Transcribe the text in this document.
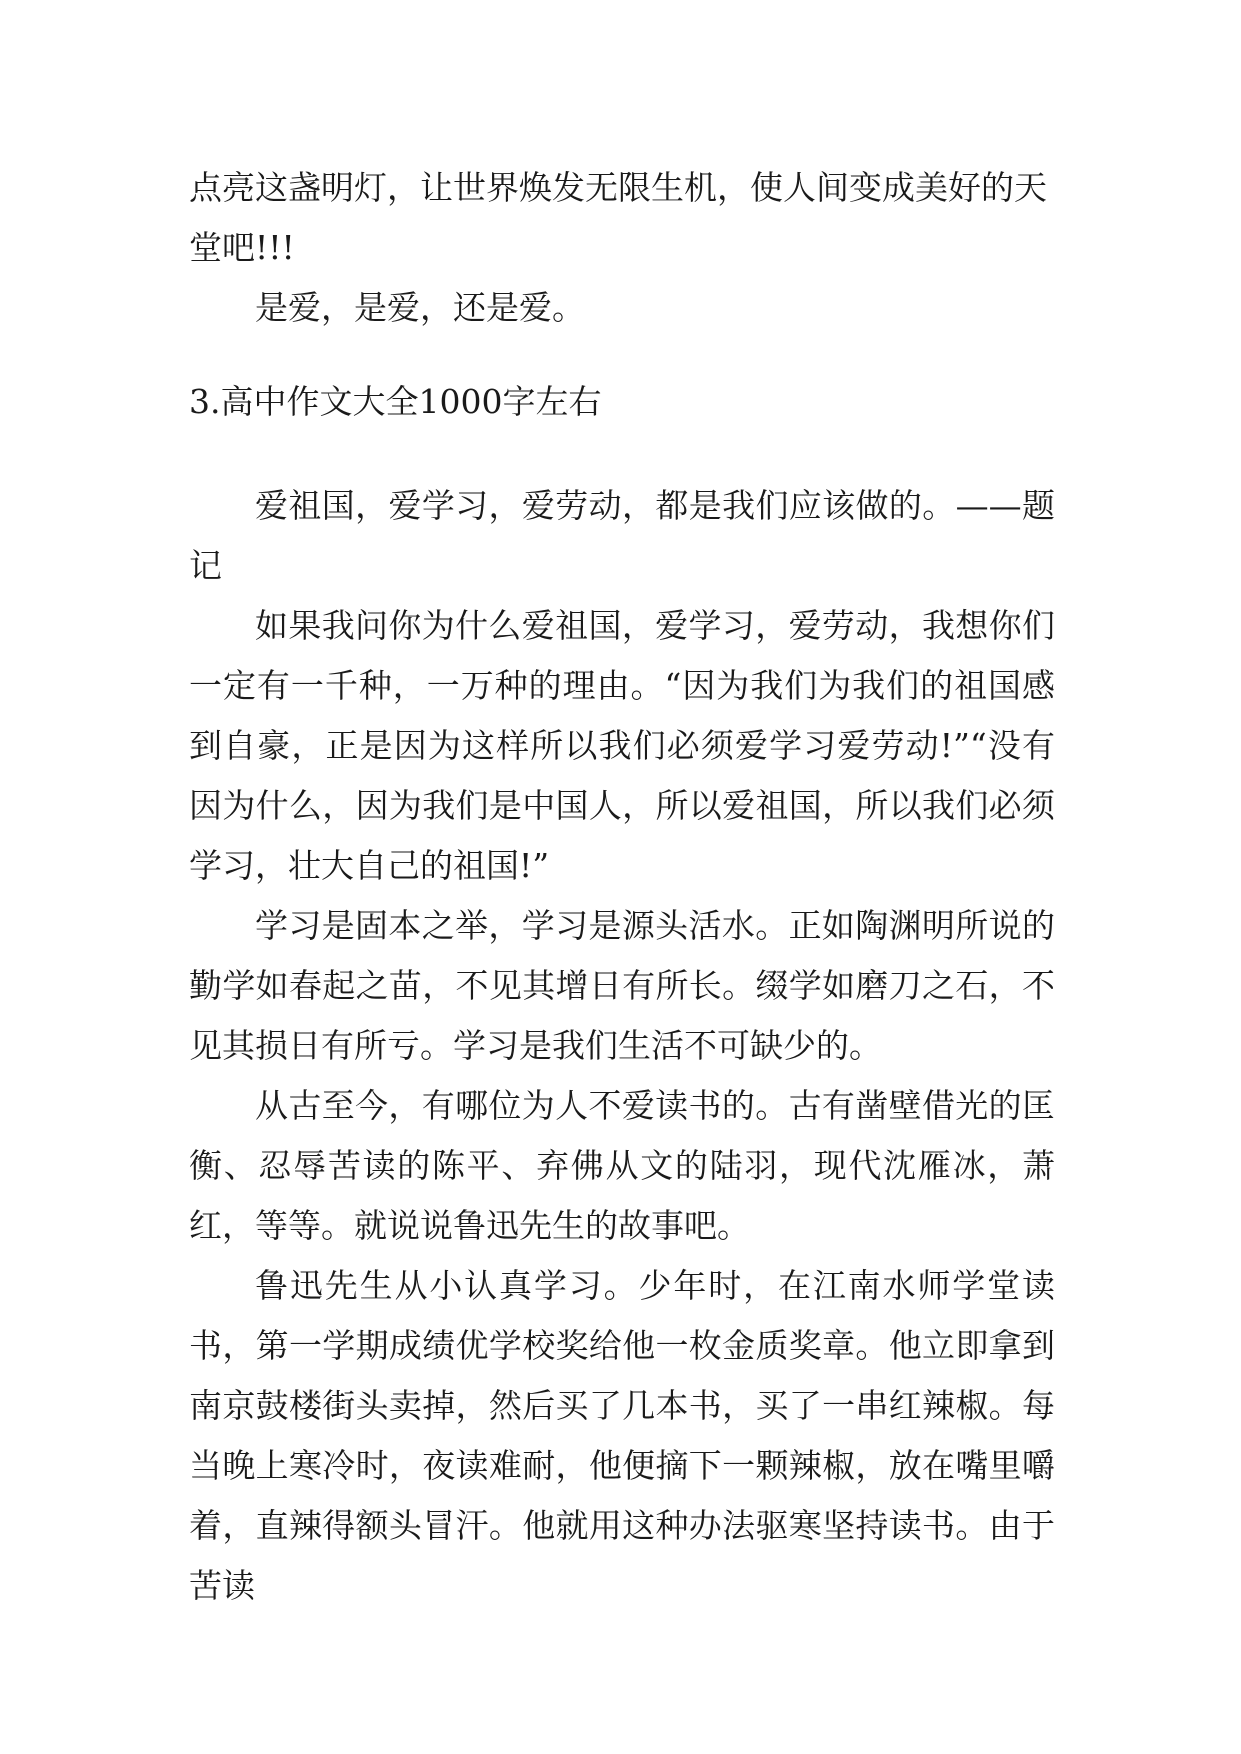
点亮这盏明灯，让世界焕发无限生机，使人间变成美好的天
堂吧!!!

是爱，是爱，还是爱。

3.高中作文大全1000字左右

爱祖国，爱学习，爱劳动，都是我们应该做的。——题记

如果我问你为什么爱祖国，爱学习，爱劳动，我想你们一定有一千种，一万种的理由。“因为我们为我们的祖国感到自豪，正是因为这样所以我们必须爱学习爱劳动!”“没有因为什么，因为我们是中国人，所以爱祖国，所以我们必须学习，壮大自己的祖国!”

学习是固本之举，学习是源头活水。正如陶渊明所说的勤学如春起之苗，不见其增日有所长。缀学如磨刀之石，不见其损日有所亏。学习是我们生活不可缺少的。

从古至今，有哪位为人不爱读书的。古有凿壁借光的匡衡、忍辱苦读的陈平、弃佛从文的陆羽，现代沈雁冰，萧红，等等。就说说鲁迅先生的故事吧。

鲁迅先生从小认真学习。少年时，在江南水师学堂读书，第一学期成绩优学校奖给他一枚金质奖章。他立即拿到南京鼓楼街头卖掉，然后买了几本书，买了一串红辣椒。每当晚上寒冷时，夜读难耐，他便摘下一颗辣椒，放在嘴里嚼着，直辣得额头冒汗。他就用这种办法驱寒坚持读书。由于苦读
